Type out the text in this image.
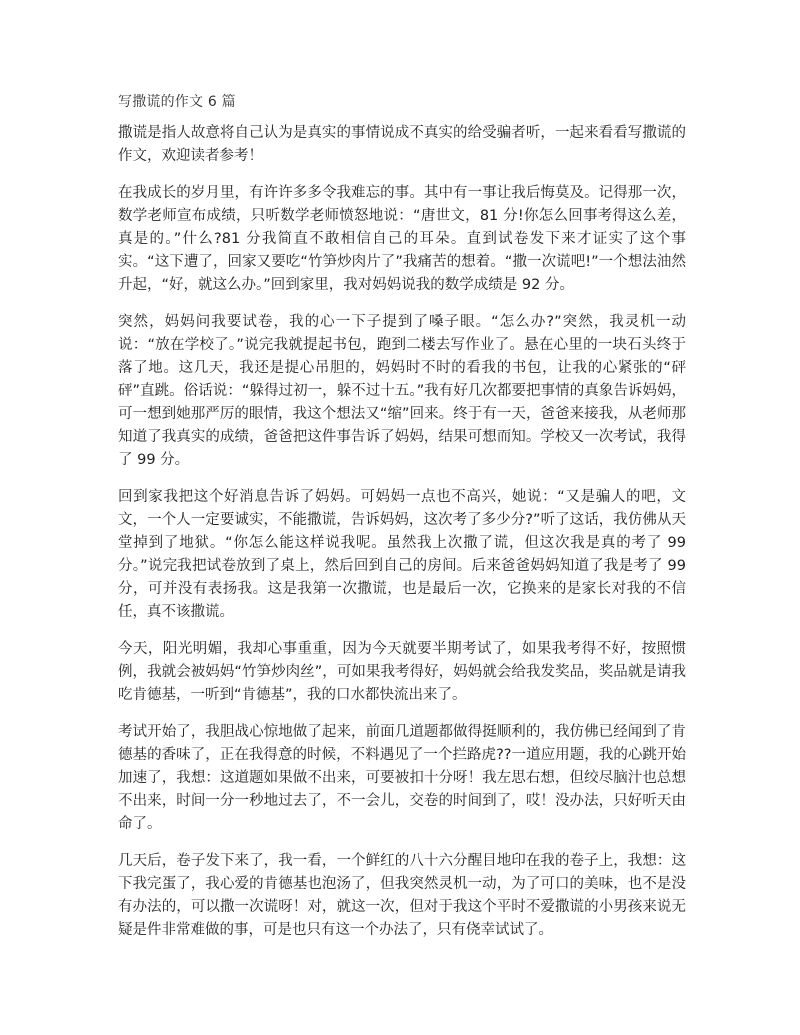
写撒谎的作文 6 篇

撒谎是指人故意将自己认为是真实的事情说成不真实的给受骗者听，一起来看看写撒谎的作文，欢迎读者参考！

在我成长的岁月里，有许许多多令我难忘的事。其中有一事让我后悔莫及。记得那一次，数学老师宣布成绩，只听数学老师愤怒地说：“唐世文，81 分!你怎么回事考得这么差，真是的。”什么?81 分我简直不敢相信自己的耳朵。直到试卷发下来才证实了这个事实。“这下遭了，回家又要吃“竹笋炒肉片了”我痛苦的想着。“撒一次谎吧!”一个想法油然升起，“好，就这么办。”回到家里，我对妈妈说我的数学成绩是 92 分。

突然，妈妈问我要试卷，我的心一下子提到了嗓子眼。“怎么办?”突然，我灵机一动说：“放在学校了。”说完我就提起书包，跑到二楼去写作业了。悬在心里的一块石头终于落了地。这几天，我还是提心吊胆的，妈妈时不时的看我的书包，让我的心紧张的“砰砰”直跳。俗话说：“躲得过初一，躲不过十五。”我有好几次都要把事情的真象告诉妈妈，可一想到她那严厉的眼情，我这个想法又“缩”回来。终于有一天，爸爸来接我，从老师那知道了我真实的成绩，爸爸把这件事告诉了妈妈，结果可想而知。学校又一次考试，我得了 99 分。

回到家我把这个好消息告诉了妈妈。可妈妈一点也不高兴，她说：“又是骗人的吧，文文，一个人一定要诚实，不能撒谎，告诉妈妈，这次考了多少分?”听了这话，我仿佛从天堂掉到了地狱。“你怎么能这样说我呢。虽然我上次撒了谎，但这次我是真的考了 99 分。”说完我把试卷放到了桌上，然后回到自己的房间。后来爸爸妈妈知道了我是考了 99 分，可并没有表扬我。这是我第一次撒谎，也是最后一次，它换来的是家长对我的不信任，真不该撒谎。

今天，阳光明媚，我却心事重重，因为今天就要半期考试了，如果我考得不好，按照惯例，我就会被妈妈“竹笋炒肉丝”，可如果我考得好，妈妈就会给我发奖品，奖品就是请我吃肯德基，一听到“肯德基”，我的口水都快流出来了。

考试开始了，我胆战心惊地做了起来，前面几道题都做得挺顺利的，我仿佛已经闻到了肯德基的香味了，正在我得意的时候，不料遇见了一个拦路虎??一道应用题，我的心跳开始加速了，我想：这道题如果做不出来，可要被扣十分呀！我左思右想，但绞尽脑汁也总想不出来，时间一分一秒地过去了，不一会儿，交卷的时间到了，哎！没办法，只好听天由命了。

几天后，卷子发下来了，我一看，一个鲜红的八十六分醒目地印在我的卷子上，我想：这下我完蛋了，我心爱的肯德基也泡汤了，但我突然灵机一动，为了可口的美味，也不是没有办法的，可以撒一次谎呀！对，就这一次，但对于我这个平时不爱撒谎的小男孩来说无疑是件非常难做的事，可是也只有这一个办法了，只有侥幸试试了。
